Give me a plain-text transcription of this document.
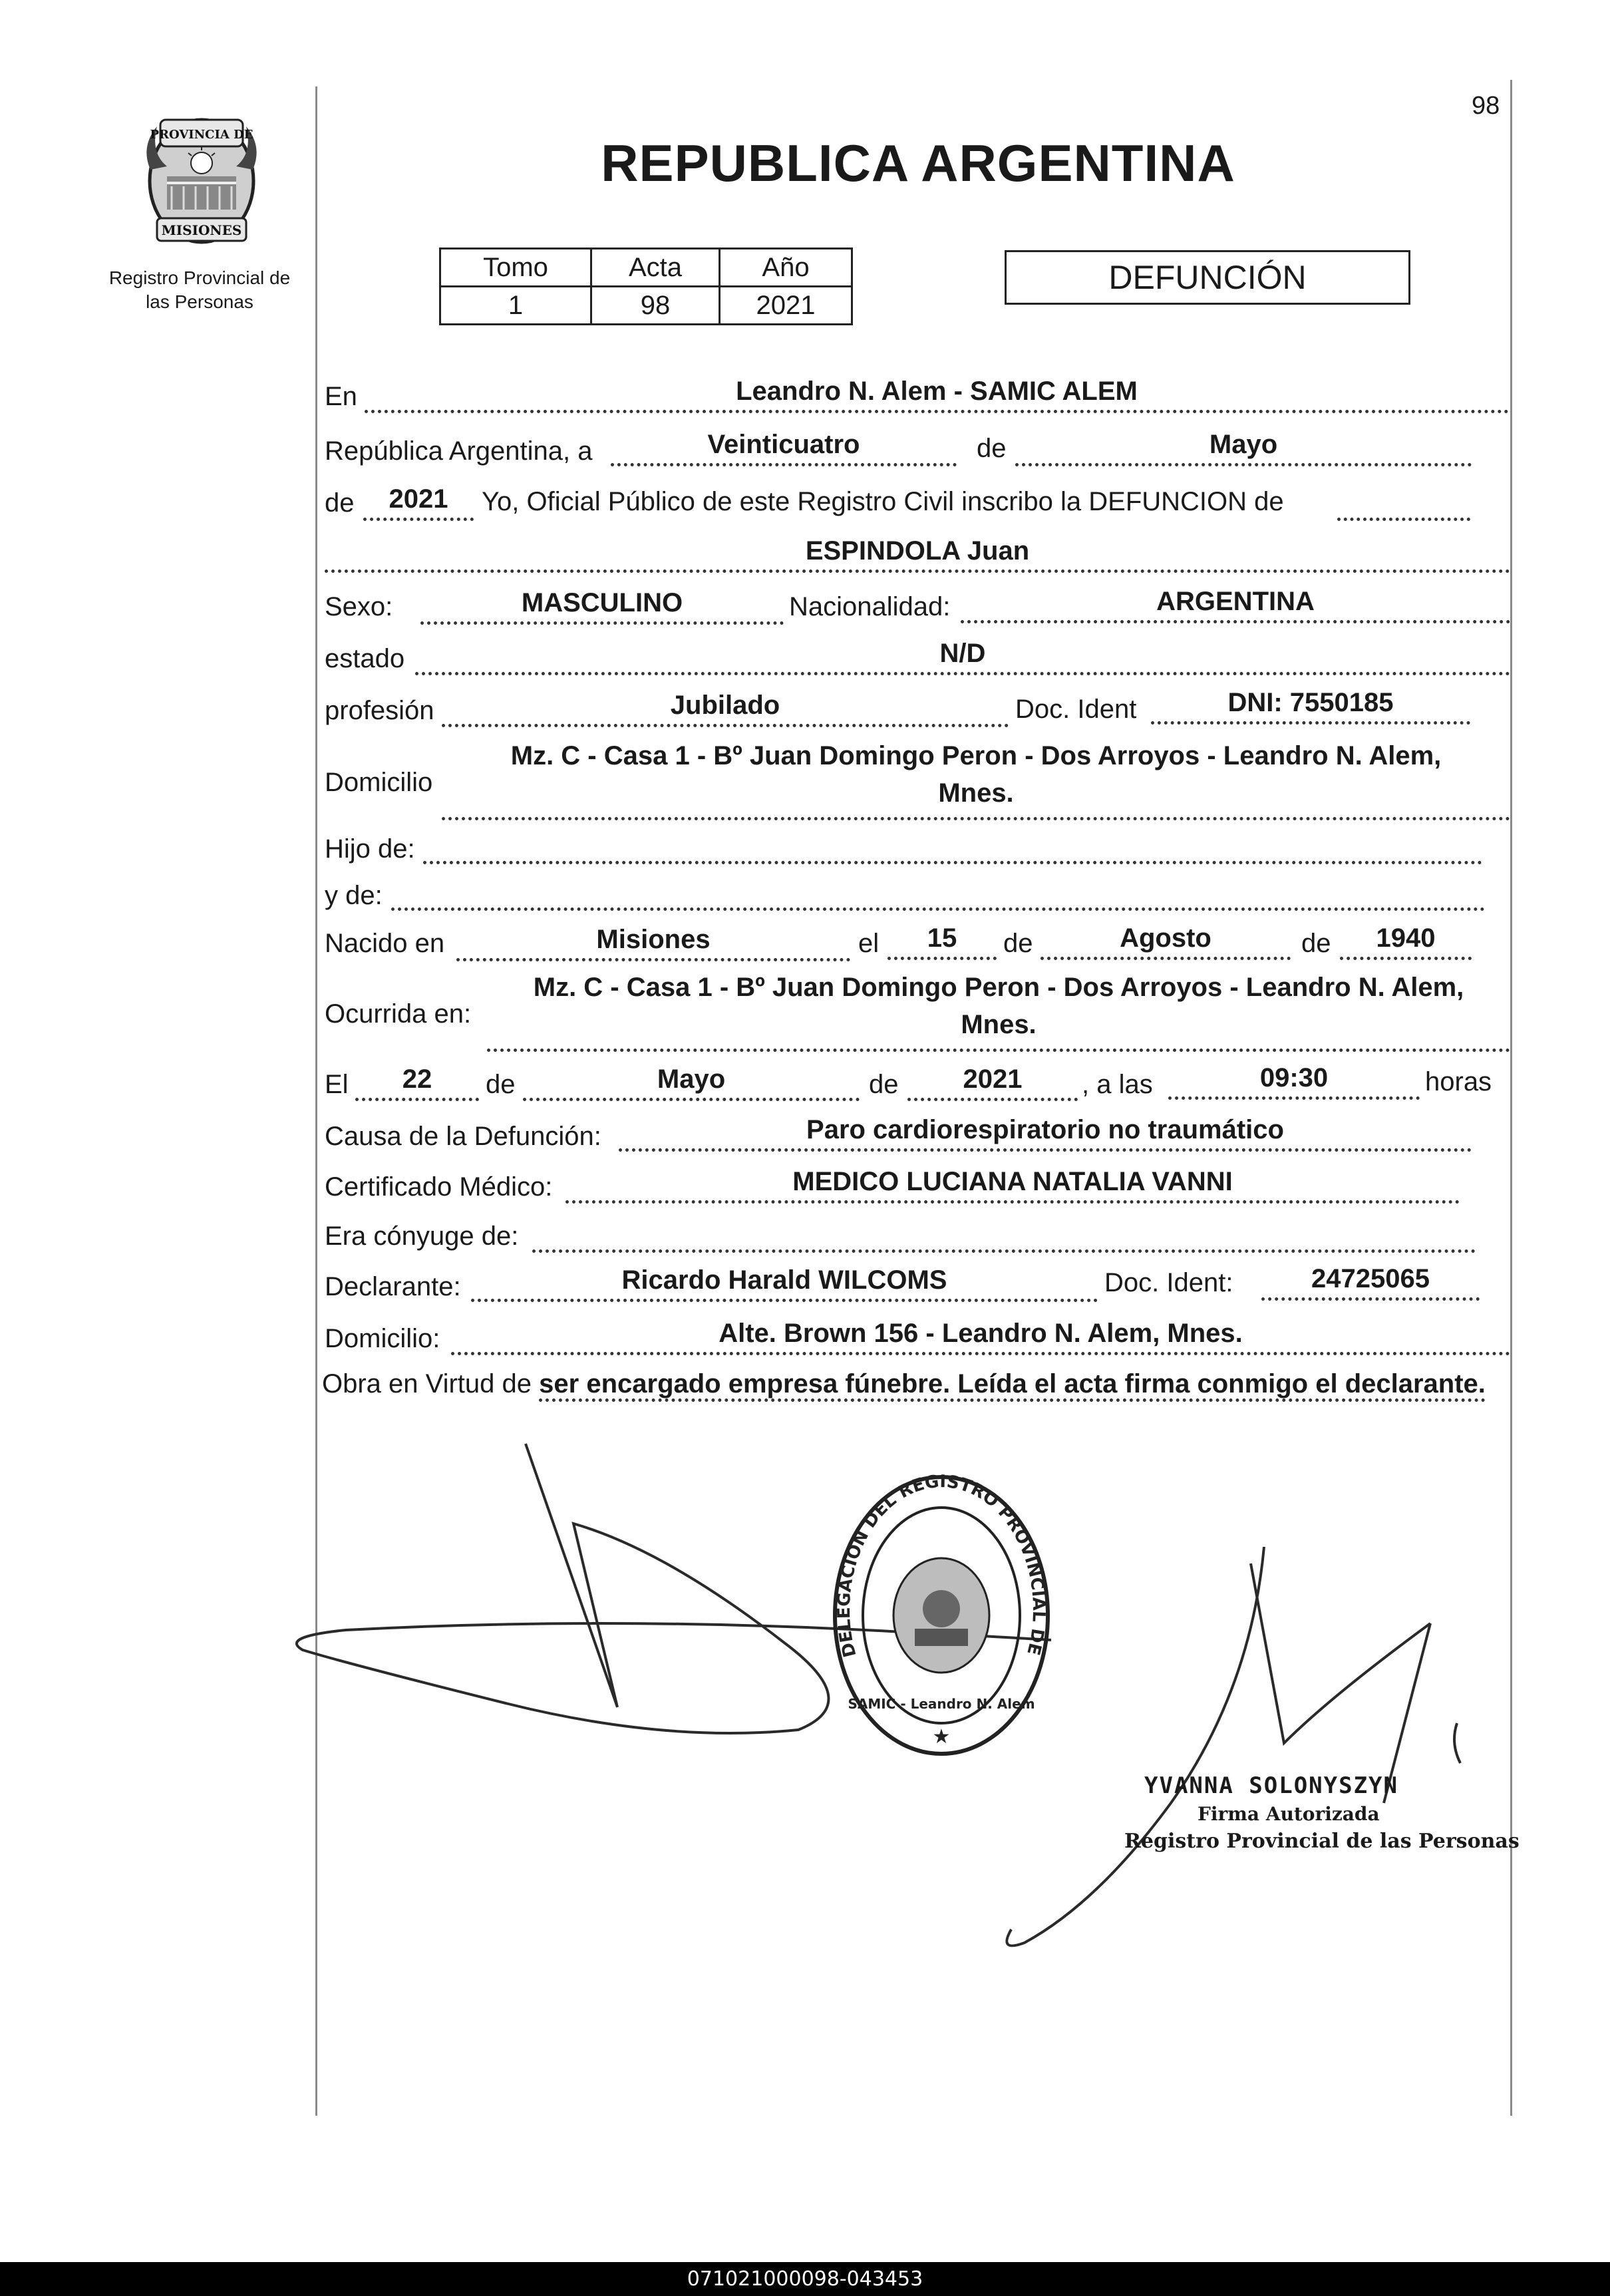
98
PROVINCIA DE
MISIONES
Registro Provincial de
las Personas
REPUBLICA ARGENTINA
Tomo	Acta	Año
1	98	2021
DEFUNCIÓN
En	Leandro N. Alem - SAMIC ALEM
República Argentina, a	Veinticuatro	de	Mayo
de	2021	Yo, Oficial Público de este Registro Civil inscribo la DEFUNCION de
ESPINDOLA Juan
Sexo:	MASCULINO	Nacionalidad:	ARGENTINA
estado	N/D
profesión	Jubilado	Doc. Ident	DNI: 7550185
Domicilio
Mz. C - Casa 1 - Bº Juan Domingo Peron - Dos Arroyos - Leandro N. Alem,
Mnes.
Hijo de:
y de:
Nacido en	Misiones	el	15	de	Agosto	de	1940
Ocurrida en:
Mz. C - Casa 1 - Bº Juan Domingo Peron - Dos Arroyos - Leandro N. Alem,
Mnes.
El	22	de	Mayo	de	2021	, a las	09:30	horas
Causa de la Defunción:	Paro cardiorespiratorio no traumático
Certificado Médico:	MEDICO LUCIANA NATALIA VANNI
Era cónyuge de:
Declarante:	Ricardo Harald WILCOMS	Doc. Ident:	24725065
Domicilio:	Alte. Brown 156 - Leandro N. Alem, Mnes.
Obra en Virtud de ser encargado empresa fúnebre. Leída el acta firma conmigo el declarante.
DELEGACION DEL REGISTRO PROVINCIAL DE
SAMIC - Leandro N. Alem
★
YVANNA SOLONYSZYN
Firma Autorizada
Registro Provincial de las Personas
071021000098-043453
